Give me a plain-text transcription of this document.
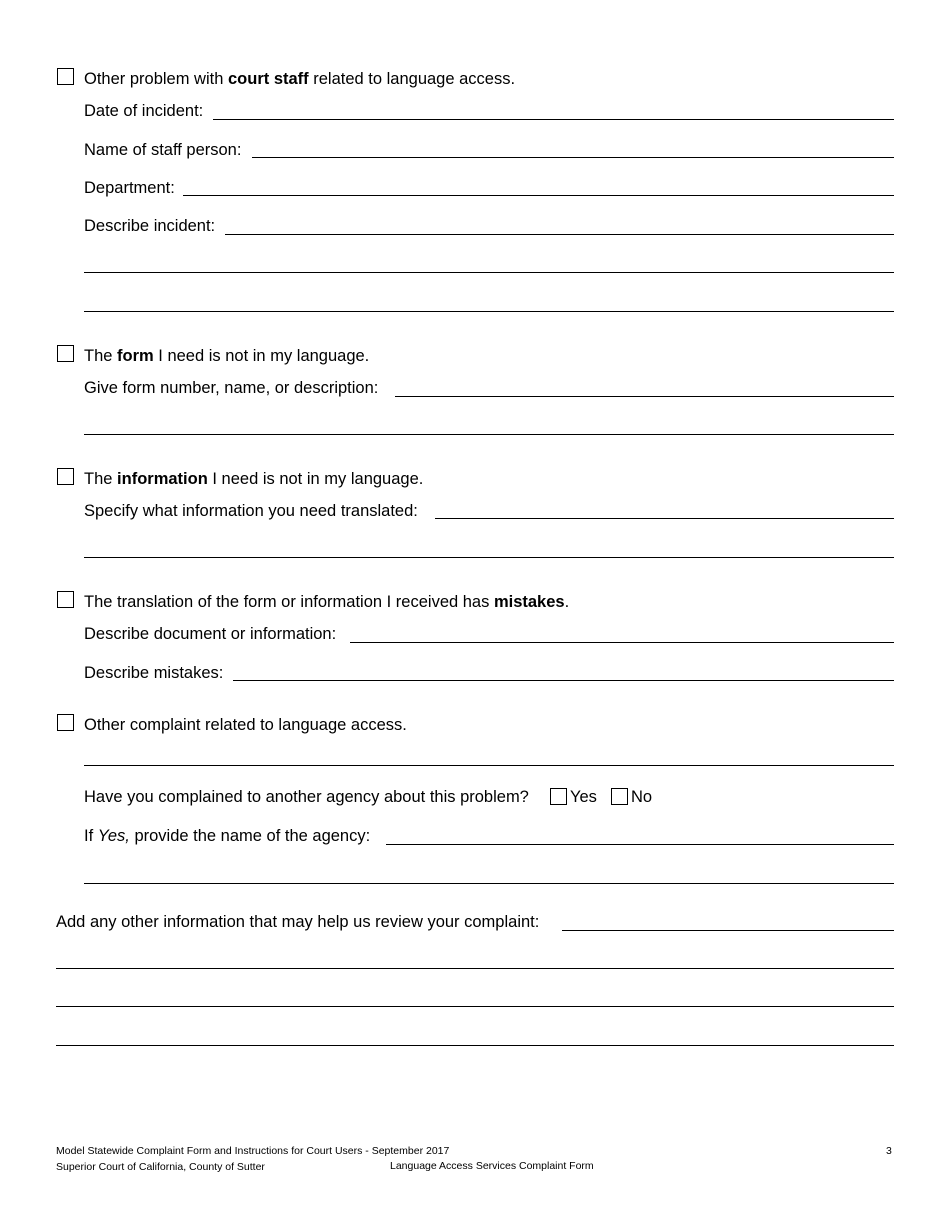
Other problem with court staff related to language access.
Date of incident:
Name of staff person:
Department:
Describe incident:
The form I need is not in my language.
Give form number, name, or description:
The information I need is not in my language.
Specify what information you need translated:
The translation of the form or information I received has mistakes.
Describe document or information:
Describe mistakes:
Other complaint related to language access.
Have you complained to another agency about this problem? Yes No
If Yes, provide the name of the agency:
Add any other information that may help us review your complaint:
Model Statewide Complaint Form and Instructions for Court Users - September 2017
Superior Court of California, County of Sutter	Language Access Services Complaint Form
3
